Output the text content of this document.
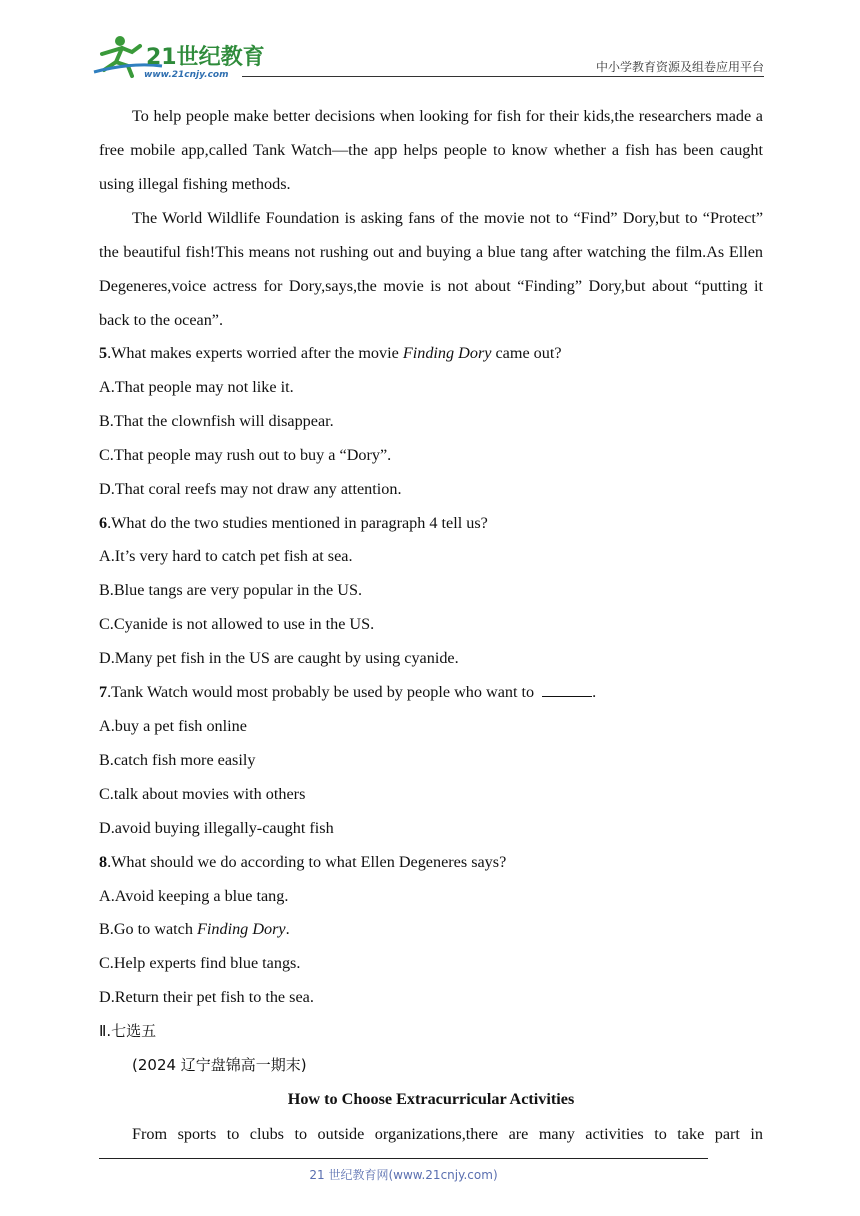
21世纪教育
www.21cnjy.com
中小学教育资源及组卷应用平台

To help people make better decisions when looking for fish for their kids,the researchers made a free mobile app,called Tank Watch—the app helps people to know whether a fish has been caught using illegal fishing methods.

The World Wildlife Foundation is asking fans of the movie not to “Find” Dory,but to “Protect” the beautiful fish!This means not rushing out and buying a blue tang after watching the film.As Ellen Degeneres,voice actress for Dory,says,the movie is not about “Finding” Dory,but about “putting it back to the ocean”.

5.What makes experts worried after the movie Finding Dory came out?

A.That people may not like it.

B.That the clownfish will disappear.

C.That people may rush out to buy a “Dory”.

D.That coral reefs may not draw any attention.

6.What do the two studies mentioned in paragraph 4 tell us?

A.It’s very hard to catch pet fish at sea.

B.Blue tangs are very popular in the US.

C.Cyanide is not allowed to use in the US.

D.Many pet fish in the US are caught by using cyanide.

7.Tank Watch would most probably be used by people who want to	.

A.buy a pet fish online

B.catch fish more easily

C.talk about movies with others

D.avoid buying illegally-caught fish

8.What should we do according to what Ellen Degeneres says?

A.Avoid keeping a blue tang.

B.Go to watch Finding Dory.

C.Help experts find blue tangs.

D.Return their pet fish to the sea.

Ⅱ.七选五

(2024 辽宁盘锦高一期末)

How to Choose Extracurricular Activities

From sports to clubs to outside organizations,there are many activities to take part in

21 世纪教育网(www.21cnjy.com)
